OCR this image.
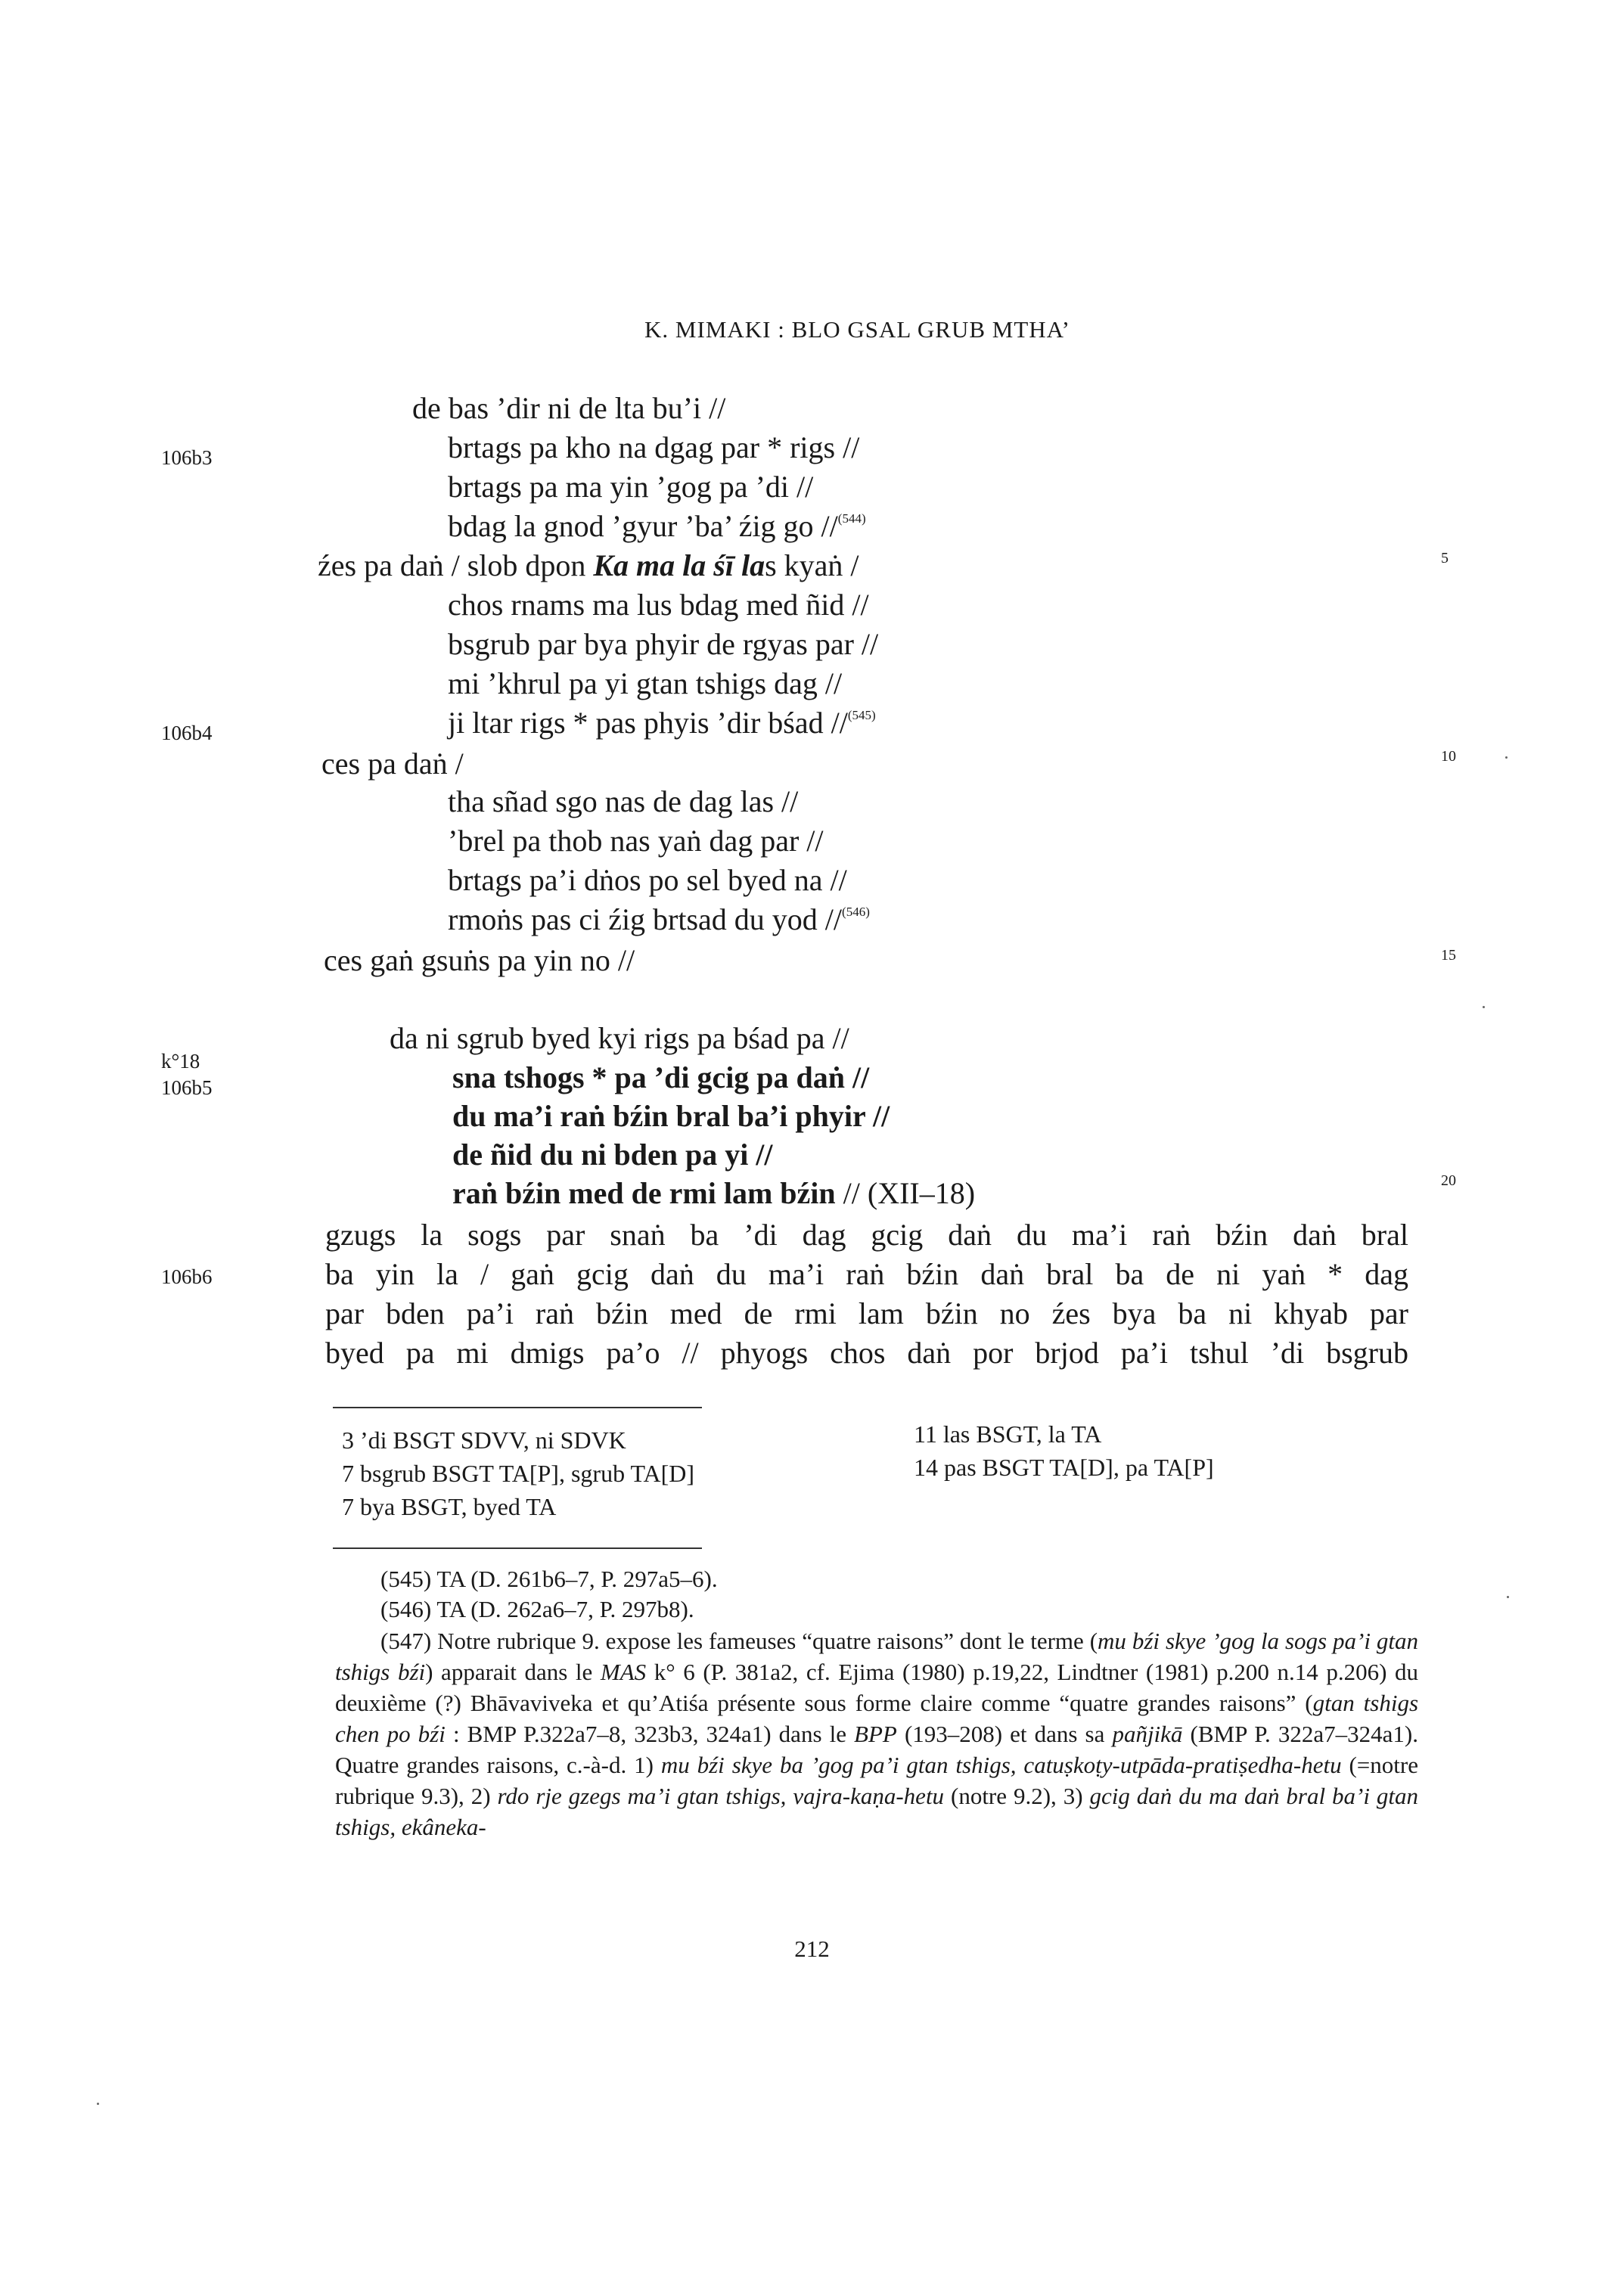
K. MIMAKI : BLO GSAL GRUB MTHA’
106b3
106b4
k°18
106b5
106b6
5
10
15
20
de bas ’dir ni de lta bu’i //
brtags pa kho na dgag par * rigs //
brtags pa ma yin ’gog pa ’di //
bdag la gnod ’gyur ’ba’ źig go //$^{(544)}$
źes pa daṅ / slob dpon Ka ma la śī las kyaṅ /
chos rnams ma lus bdag med ñid //
bsgrub par bya phyir de rgyas par //
mi ’khrul pa yi gtan tshigs dag //
ji ltar rigs * pas phyis ’dir bśad //$^{(545)}$
ces pa daṅ /
tha sñad sgo nas de dag las //
’brel pa thob nas yaṅ dag par //
brtags pa’i dṅos po sel byed na //
rmoṅs pas ci źig brtsad du yod //$^{(546)}$
ces gaṅ gsuṅs pa yin no //
da ni sgrub byed kyi rigs pa bśad pa //
sna tshogs * pa ’di gcig pa daṅ //
du ma’i raṅ bźin bral ba’i phyir //
de ñid du ni bden pa yi //
raṅ bźin med de rmi lam bźin // (XII–18)
gzugs la sogs par snaṅ ba ’di dag gcig daṅ du ma’i raṅ bźin daṅ bral
ba yin la / gaṅ gcig daṅ du ma’i raṅ bźin daṅ bral ba de ni yaṅ * dag
par bden pa’i raṅ bźin med de rmi lam bźin no źes bya ba ni khyab par
byed pa mi dmigs pa’o // phyogs chos daṅ por brjod pa’i tshul ’di bsgrub
3 ’di BSGT SDVV, ni SDVK
7 bsgrub BSGT TA[P], sgrub TA[D]
7 bya BSGT, byed TA
11 las BSGT, la TA
14 pas BSGT TA[D], pa TA[P]
(545) TA (D. 261b6–7, P. 297a5–6).
(546) TA (D. 262a6–7, P. 297b8).
(547) Notre rubrique 9. expose les fameuses “quatre raisons” dont le terme (mu bźi skye ’gog la sogs pa’i gtan tshigs bźi) apparait dans le MAS k° 6 (P. 381a2, cf. Ejima (1980) p.19,22, Lindtner (1981) p.200 n.14 p.206) du deuxième (?) Bhāvaviveka et qu’Atiśa présente sous forme claire comme “quatre grandes raisons” (gtan tshigs chen po bźi : BMP P.322a7–8, 323b3, 324a1) dans le BPP (193–208) et dans sa pañjikā (BMP P. 322a7–324a1). Quatre grandes raisons, c.-à-d. 1) mu bźi skye ba ’gog pa’i gtan tshigs, catuṣkoṭy-utpāda-pratiṣedha-hetu (=notre rubrique 9.3), 2) rdo rje gzegs ma’i gtan tshigs, vajra-kaṇa-hetu (notre 9.2), 3) gcig daṅ du ma daṅ bral ba’i gtan tshigs, ekâneka-
212
